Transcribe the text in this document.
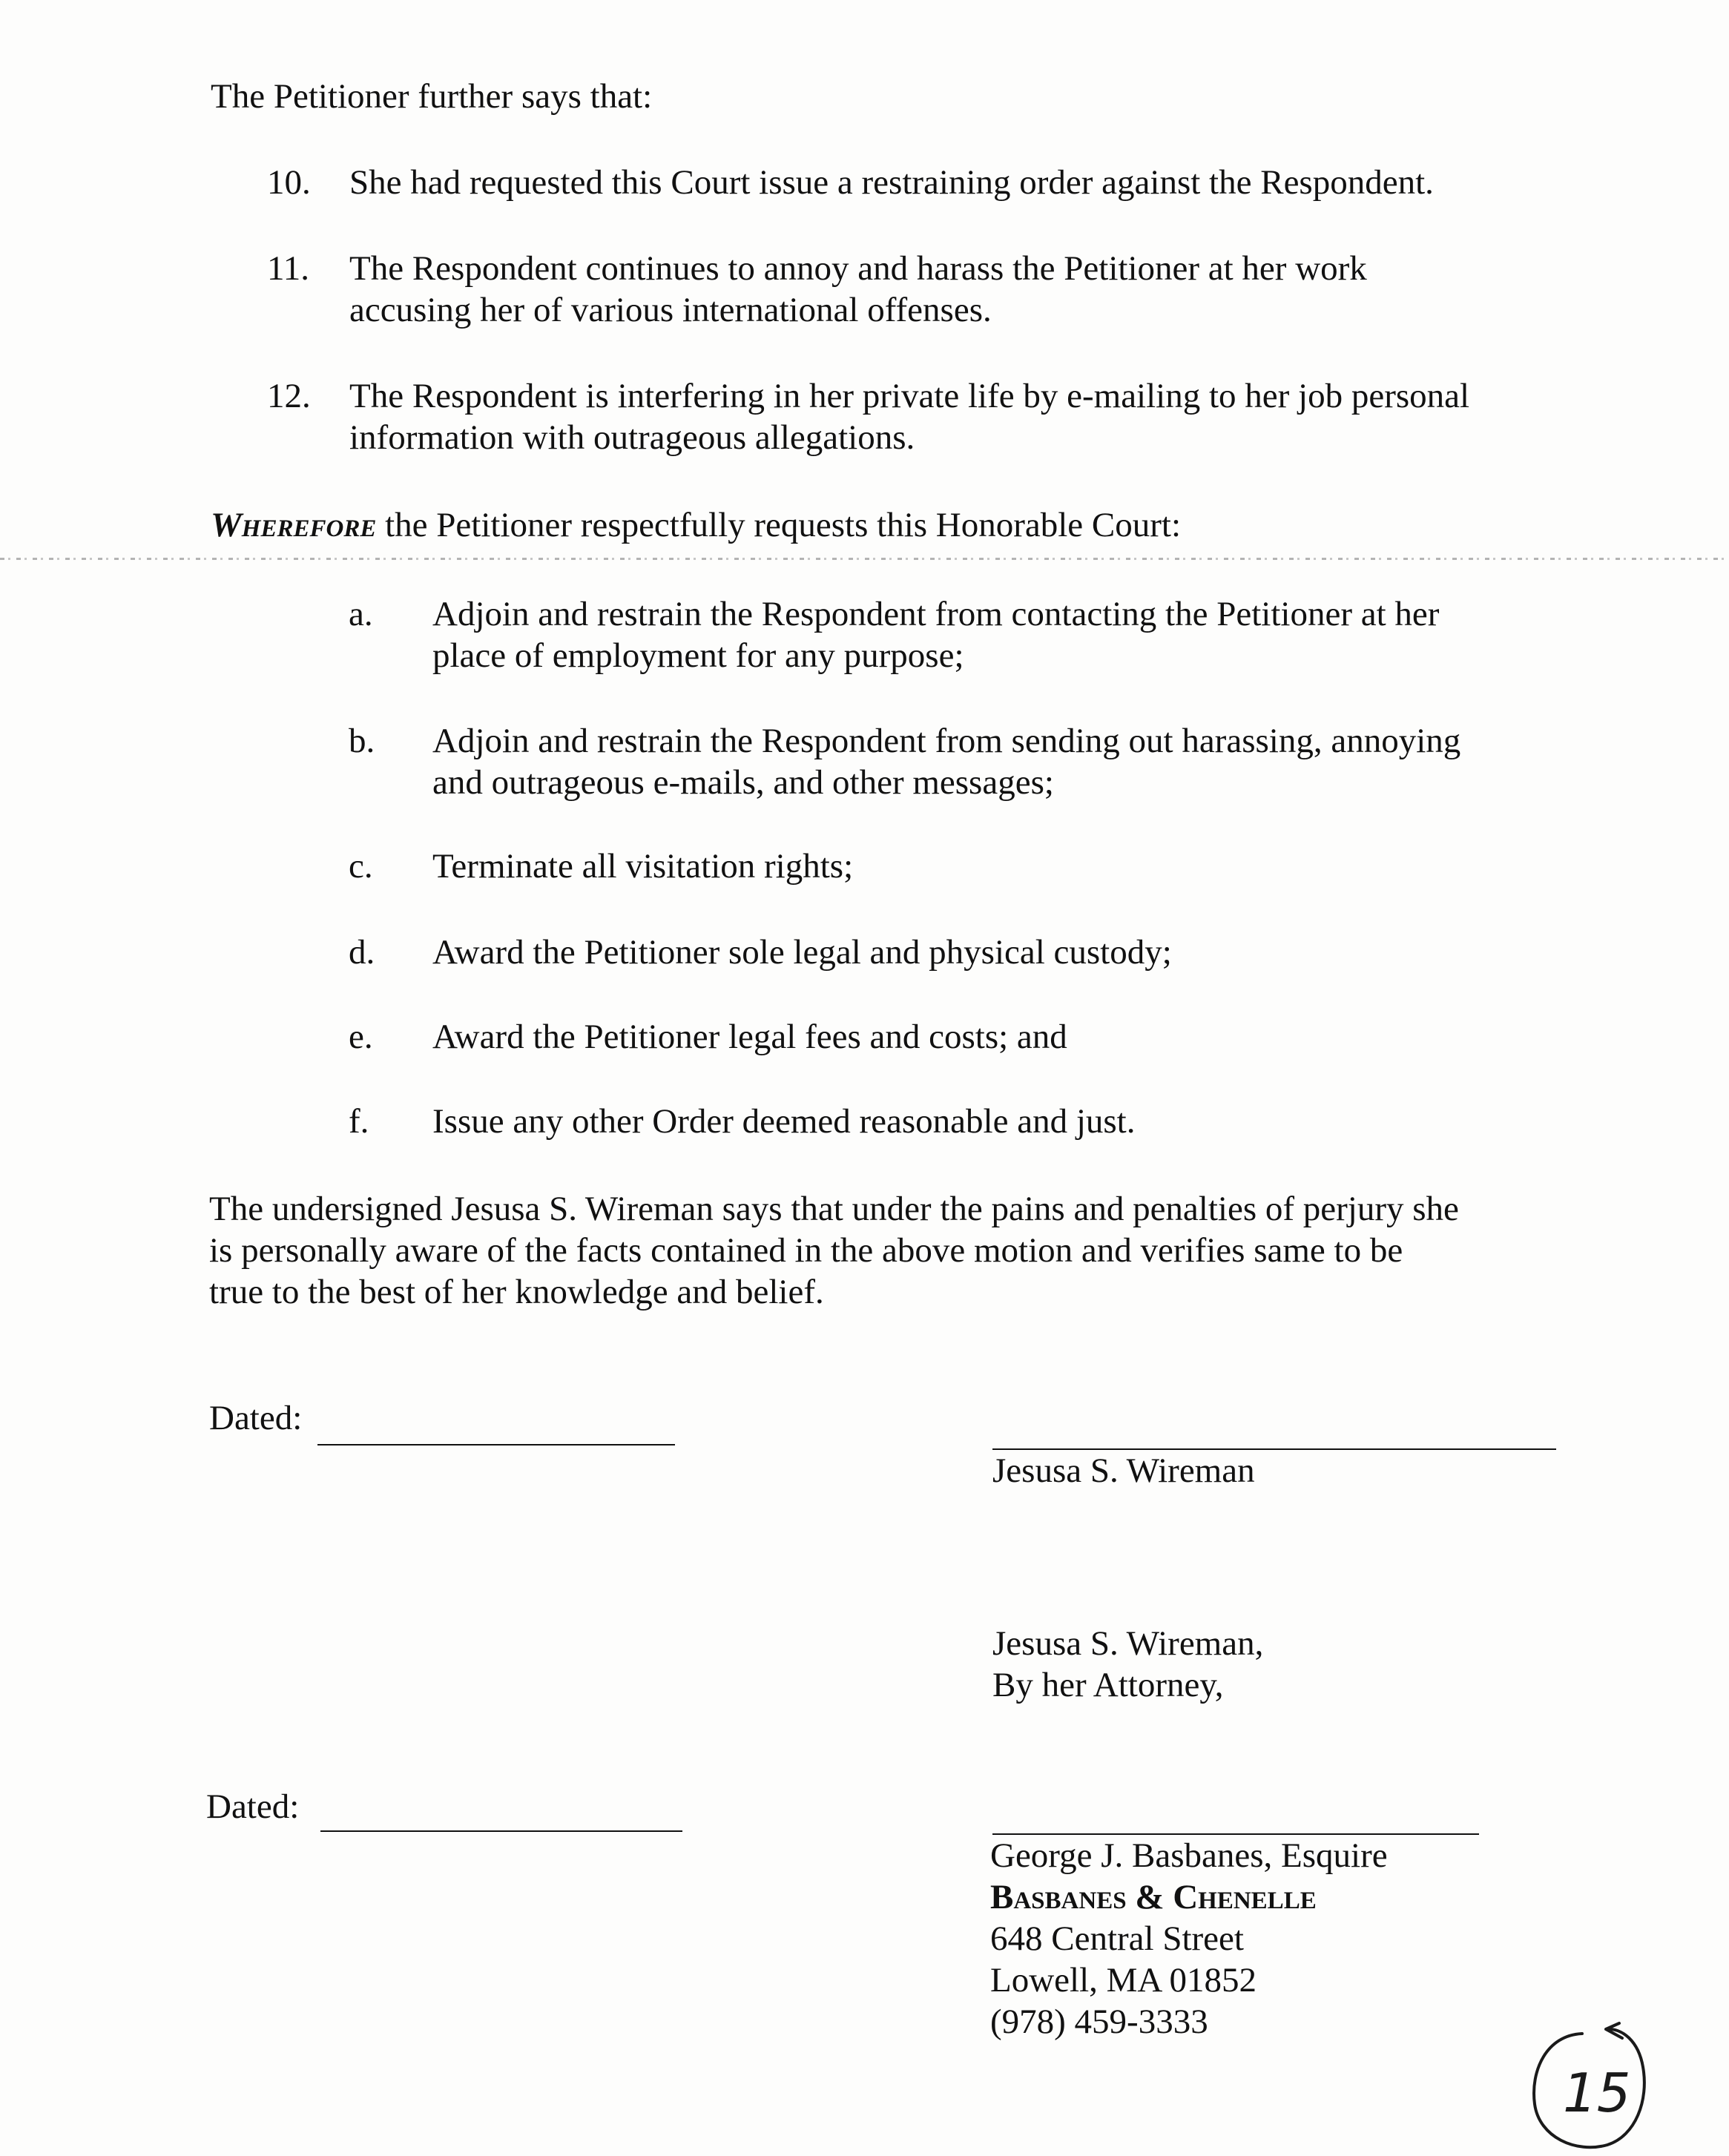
The Petitioner further says that:
10. She had requested this Court issue a restraining order against the Respondent.
11. The Respondent continues to annoy and harass the Petitioner at her work
accusing her of various international offenses.
12. The Respondent is interfering in her private life by e-mailing to her job personal
information with outrageous allegations.
Wherefore the Petitioner respectfully requests this Honorable Court:
a. Adjoin and restrain the Respondent from contacting the Petitioner at her
place of employment for any purpose;
b. Adjoin and restrain the Respondent from sending out harassing, annoying
and outrageous e-mails, and other messages;
c. Terminate all visitation rights;
d. Award the Petitioner sole legal and physical custody;
e. Award the Petitioner legal fees and costs; and
f. Issue any other Order deemed reasonable and just.
The undersigned Jesusa S. Wireman says that under the pains and penalties of perjury she
is personally aware of the facts contained in the above motion and verifies same to be
true to the best of her knowledge and belief.
Dated:
Jesusa S. Wireman
Jesusa S. Wireman,
By her Attorney,
Dated:
George J. Basbanes, Esquire
Basbanes & Chenelle
648 Central Street
Lowell, MA 01852
(978) 459-3333
15
